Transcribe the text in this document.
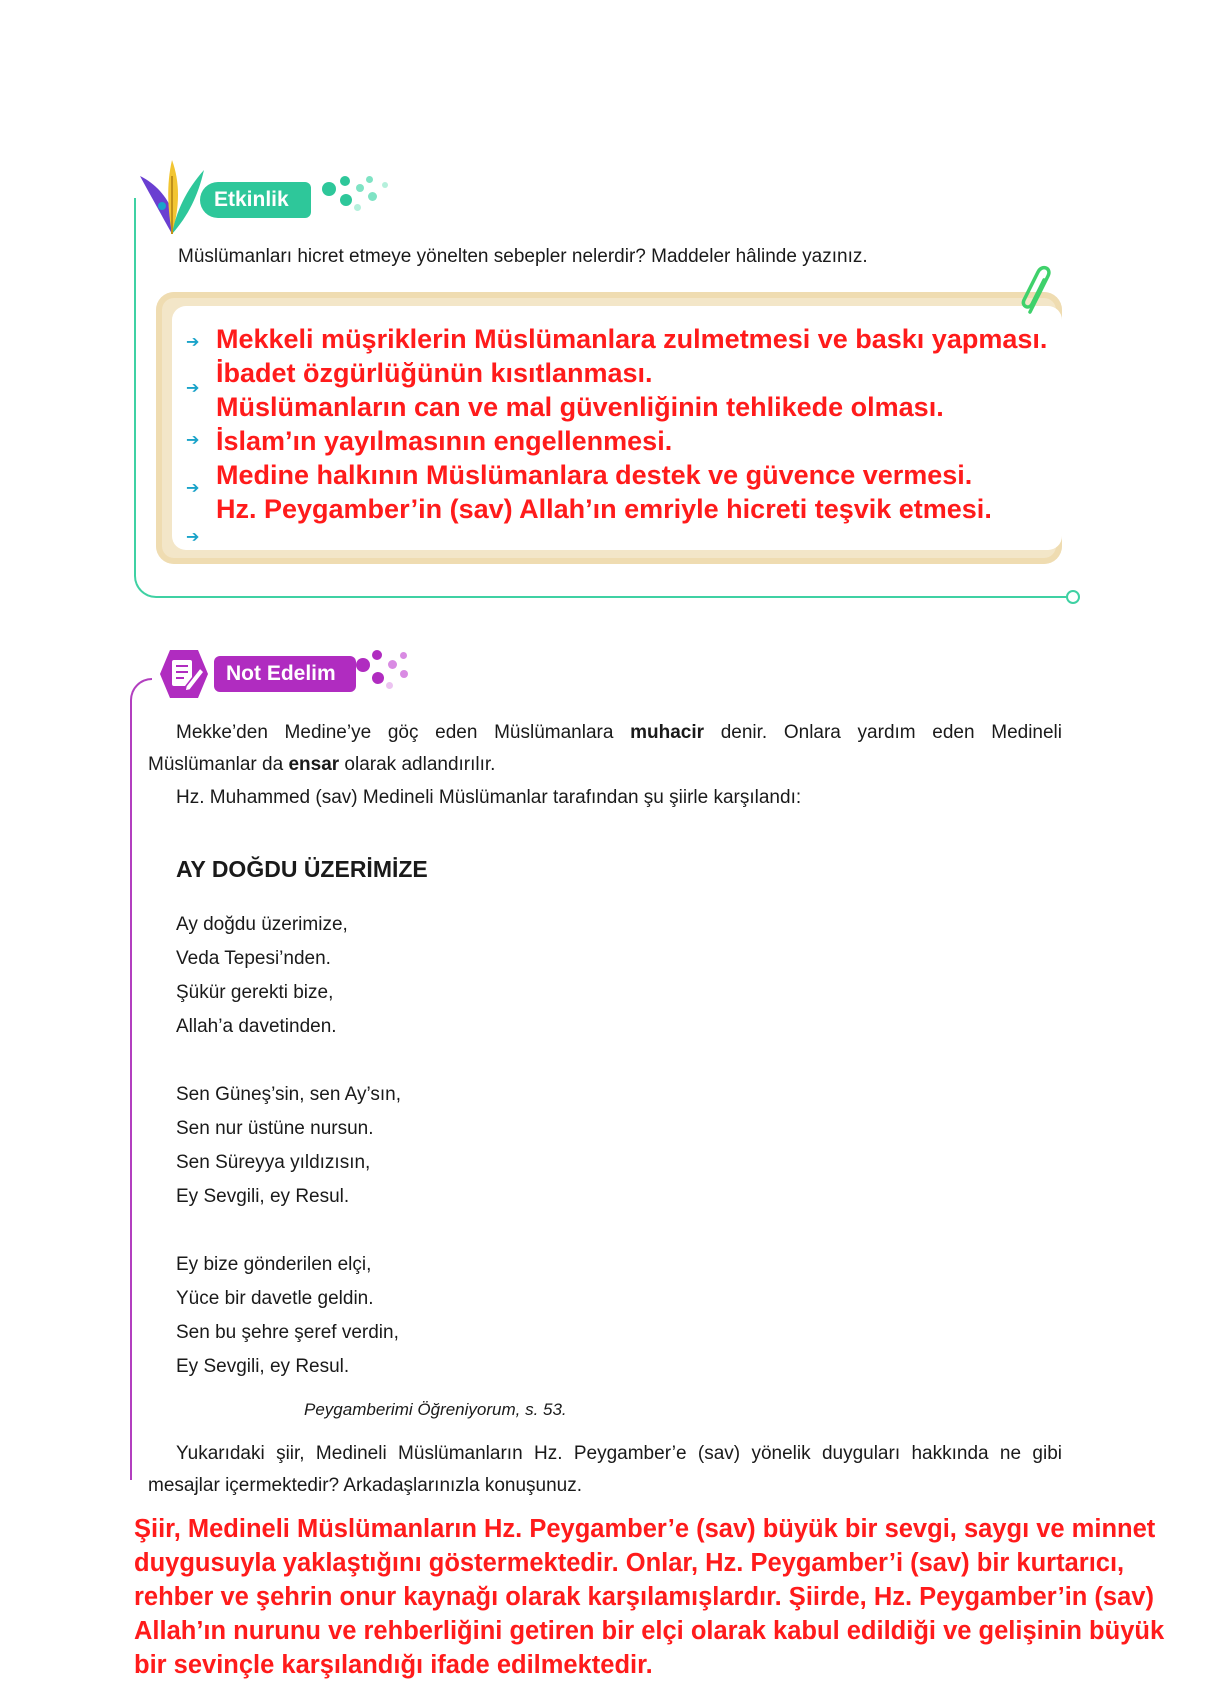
Etkinlik
Müslümanları hicret etmeye yönelten sebepler nelerdir? Maddeler hâlinde yazınız.
➔
➔
➔
➔
➔
Mekkeli müşriklerin Müslümanlara zulmetmesi ve baskı yapması.
İbadet özgürlüğünün kısıtlanması.
Müslümanların can ve mal güvenliğinin tehlikede olması.
İslam’ın yayılmasının engellenmesi.
Medine halkının Müslümanlara destek ve güvence vermesi.
Hz. Peygamber’in (sav) Allah’ın emriyle hicreti teşvik etmesi.
Not Edelim
Mekke’den Medine’ye göç eden Müslümanlara muhacir denir. Onlara yardım eden Medineli Müslümanlar da ensar olarak adlandırılır.
Hz. Muhammed (sav) Medineli Müslümanlar tarafından şu şiirle karşılandı:
AY DOĞDU ÜZERİMİZE
Ay doğdu üzerimize,
Veda Tepesi’nden.
Şükür gerekti bize,
Allah’a davetinden.
Sen Güneş’sin, sen Ay’sın,
Sen nur üstüne nursun.
Sen Süreyya yıldızısın,
Ey Sevgili, ey Resul.
Ey bize gönderilen elçi,
Yüce bir davetle geldin.
Sen bu şehre şeref verdin,
Ey Sevgili, ey Resul.
Peygamberimi Öğreniyorum, s. 53.
Yukarıdaki şiir, Medineli Müslümanların Hz. Peygamber’e (sav) yönelik duyguları hakkında ne gibi mesajlar içermektedir? Arkadaşlarınızla konuşunuz.
Şiir, Medineli Müslümanların Hz. Peygamber’e (sav) büyük bir sevgi, saygı ve minnet duygusuyla yaklaştığını göstermektedir. Onlar, Hz. Peygamber’i (sav) bir kurtarıcı, rehber ve şehrin onur kaynağı olarak karşılamışlardır. Şiirde, Hz. Peygamber’in (sav) Allah’ın nurunu ve rehberliğini getiren bir elçi olarak kabul edildiği ve gelişinin büyük bir sevinçle karşılandığı ifade edilmektedir.
